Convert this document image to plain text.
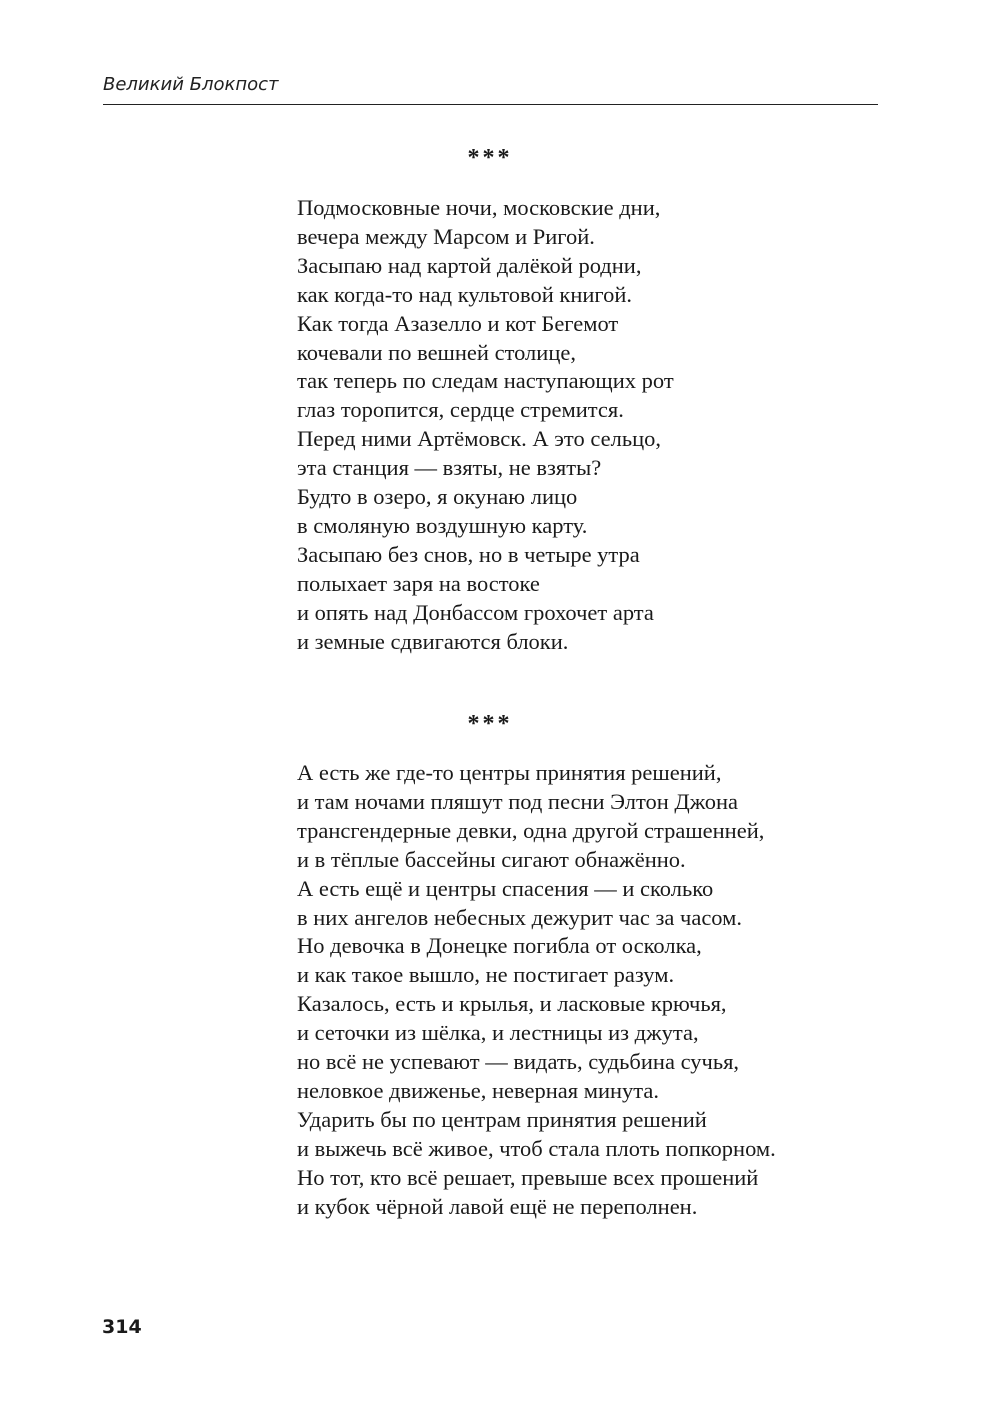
Великий Блокпост
***
Подмосковные ночи, московские дни,
вечера между Марсом и Ригой.
Засыпаю над картой далёкой родни,
как когда-то над культовой книгой.
Как тогда Азазелло и кот Бегемот
кочевали по вешней столице,
так теперь по следам наступающих рот
глаз торопится, сердце стремится.
Перед ними Артёмовск. А это сельцо,
эта станция — взяты, не взяты?
Будто в озеро, я окунаю лицо
в смоляную воздушную карту.
Засыпаю без снов, но в четыре утра
полыхает заря на востоке
и опять над Донбассом грохочет арта
и земные сдвигаются блоки.
***
А есть же где-то центры принятия решений,
и там ночами пляшут под песни Элтон Джона
трансгендерные девки, одна другой страшенней,
и в тёплые бассейны сигают обнажённо.
А есть ещё и центры спасения — и сколько
в них ангелов небесных дежурит час за часом.
Но девочка в Донецке погибла от осколка,
и как такое вышло, не постигает разум.
Казалось, есть и крылья, и ласковые крючья,
и сеточки из шёлка, и лестницы из джута,
но всё не успевают — видать, судьбина сучья,
неловкое движенье, неверная минута.
Ударить бы по центрам принятия решений
и выжечь всё живое, чтоб стала плоть попкорном.
Но тот, кто всё решает, превыше всех прошений
и кубок чёрной лавой ещё не переполнен.
314
